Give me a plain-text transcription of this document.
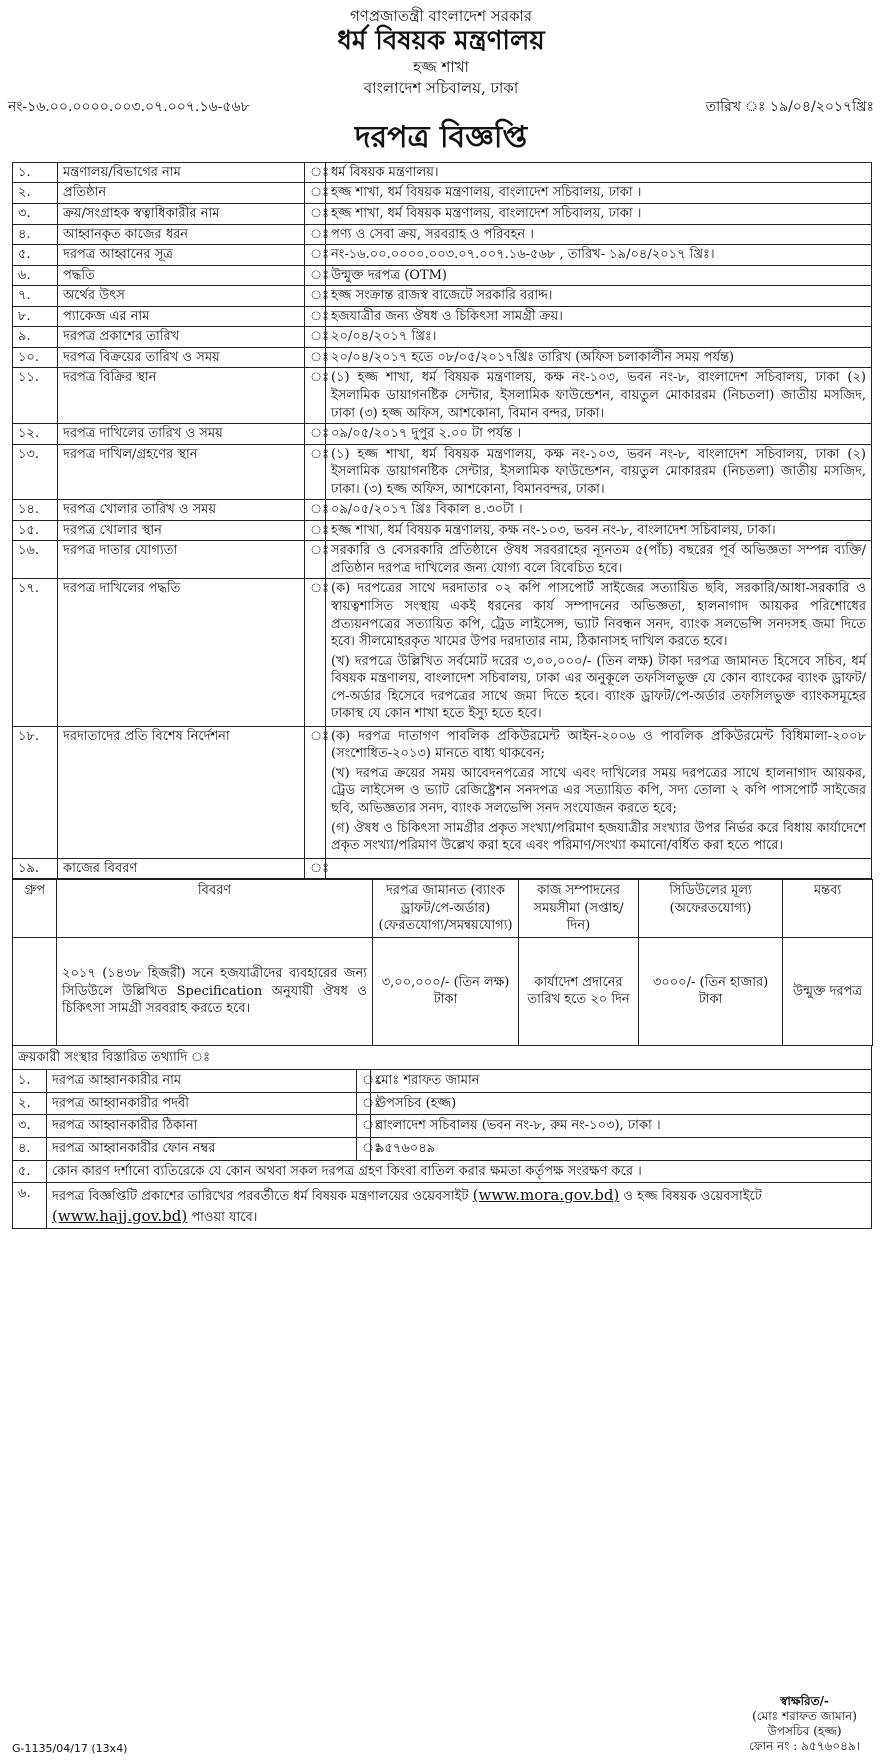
গণপ্রজাতন্ত্রী বাংলাদেশ সরকার
ধর্ম বিষয়ক মন্ত্রণালয়
হজ্জ শাখা
বাংলাদেশ সচিবালয়, ঢাকা
নং-১৬.০০.০০০০.০০৩.০৭.০০৭.১৬-৫৬৮	তারিখ ঃ ১৯/০৪/২০১৭খ্রিঃ
দরপত্র বিজ্ঞপ্তি
১.	মন্ত্রণালয়/বিভাগের নাম	ঃ	ধর্ম বিষয়ক মন্ত্রণালয়।
২.	প্রতিষ্ঠান	ঃ	হজ্জ শাখা, ধর্ম বিষয়ক মন্ত্রণালয়, বাংলাদেশ সচিবালয়, ঢাকা ।
৩.	ক্রয়/সংগ্রাহক স্বত্বাধিকারীর নাম	ঃ	হজ্জ শাখা, ধর্ম বিষয়ক মন্ত্রণালয়, বাংলাদেশ সচিবালয়, ঢাকা ।
৪.	আহ্বানকৃত কাজের ধরন	ঃ	পণ্য ও সেবা ক্রয়, সরবরাহ ও পরিবহন ।
৫.	দরপত্র আহ্বানের সূত্র	ঃ	নং-১৬.০০.০০০০.০০৩.০৭.০০৭.১৬-৫৬৮ , তারিখ- ১৯/০৪/২০১৭ খ্রিঃ।
৬.	পদ্ধতি	ঃ	উন্মুক্ত দরপত্র (OTM)
৭.	অর্থের উৎস	ঃ	হজ্জ সংক্রান্ত রাজস্ব বাজেটে সরকারি বরাদ্দ।
৮.	প্যাকেজ এর নাম	ঃ	হজযাত্রীর জন্য ঔষধ ও চিকিৎসা সামগ্রী ক্রয়।
৯.	দরপত্র প্রকাশের তারিখ	ঃ	২০/০৪/২০১৭ খ্রিঃ।
১০.	দরপত্র বিক্রয়ের তারিখ ও সময়	ঃ	২০/০৪/২০১৭ হতে ০৮/০৫/২০১৭খ্রিঃ তারিখ (অফিস চলাকালীন সময় পর্যন্ত)
১১.	দরপত্র বিক্রির স্থান	ঃ	(১) হজ্জ শাখা, ধর্ম বিষয়ক মন্ত্রণালয়, কক্ষ নং-১০৩, ভবন নং-৮, বাংলাদেশ সচিবালয়, ঢাকা (২) ইসলামিক ডায়াগনষ্টিক সেন্টার, ইসলামিক ফাউন্ডেশন, বায়তুল মোকাররম (নিচতলা) জাতীয় মসজিদ, ঢাকা (৩) হজ্জ অফিস, আশকোনা, বিমান বন্দর, ঢাকা।
১২.	দরপত্র দাখিলের তারিখ ও সময়	ঃ	০৯/০৫/২০১৭ দুপুর ২.০০ টা পর্যন্ত ।
১৩.	দরপত্র দাখিল/গ্রহণের স্থান	ঃ	(১) হজ্জ শাখা, ধর্ম বিষয়ক মন্ত্রণালয়, কক্ষ নং-১০৩, ভবন নং-৮, বাংলাদেশ সচিবালয়, ঢাকা (২) ইসলামিক ডায়াগনষ্টিক সেন্টার, ইসলামিক ফাউন্ডেশন, বায়তুল মোকাররম (নিচতলা) জাতীয় মসজিদ, ঢাকা। (৩) হজ্জ অফিস, আশকোনা, বিমানবন্দর, ঢাকা।
১৪.	দরপত্র খোলার তারিখ ও সময়	ঃ	০৯/০৫/২০১৭ খ্রিঃ বিকাল ৪.৩০টা ।
১৫.	দরপত্র খোলার স্থান	ঃ	হজ্জ শাখা, ধর্ম বিষয়ক মন্ত্রণালয়, কক্ষ নং-১০৩, ভবন নং-৮, বাংলাদেশ সচিবালয়, ঢাকা।
১৬.	দরপত্র দাতার যোগ্যতা	ঃ	সরকারি ও বেসরকারি প্রতিষ্ঠানে ঔষধ সরবরাহের ন্যূনতম ৫(পাঁচ) বছরের পূর্ব অভিজ্ঞতা সম্পন্ন ব্যক্তি/প্রতিষ্ঠান দরপত্র দাখিলের জন্য যোগ্য বলে বিবেচিত হবে।
১৭.	দরপত্র দাখিলের পদ্ধতি	ঃ	(ক) দরপত্রের সাথে দরদাতার ০২ কপি পাসপোর্ট সাইজের সত্যায়িত ছবি, সরকারি/আধা-সরকারি ও স্বায়ত্বশাসিত সংস্থায় একই ধরনের কার্য সম্পাদনের অভিজ্ঞতা, হালনাগাদ আয়কর পরিশোধের প্রত্যয়নপত্রের সত্যায়িত কপি, ট্রেড লাইসেন্স, ভ্যাট নিবন্ধন সনদ, ব্যাংক সলভেন্সি সনদসহ জমা দিতে হবে। সীলমোহরকৃত খামের উপর দরদাতার নাম, ঠিকানাসহ দাখিল করতে হবে।

(খ) দরপত্রে উল্লিখিত সর্বমোট দরের ৩,০০,০০০/- (তিন লক্ষ) টাকা দরপত্র জামানত হিসেবে সচিব, ধর্ম বিষয়ক মন্ত্রণালয়, বাংলাদেশ সচিবালয়, ঢাকা এর অনুকূলে তফসিলভুক্ত যে কোন ব্যাংকের ব্যাংক ড্রাফট/পে-অর্ডার হিসেবে দরপত্রের সাথে জমা দিতে হবে। ব্যাংক ড্রাফট/পে-অর্ডার তফসিলভুক্ত ব্যাংকসমূহের ঢাকাস্থ যে কোন শাখা হতে ইস্যু হতে হবে।

১৮.	দরদাতাদের প্রতি বিশেষ নির্দেশনা	ঃ	(ক) দরপত্র দাতাগণ পাবলিক প্রকিউরমেন্ট আইন-২০০৬ ও পাবলিক প্রকিউরমেন্ট বিধিমালা-২০০৮ (সংশোধিত-২০১৩) মানতে বাধ্য থাকবেন;

(খ) দরপত্র ক্রয়ের সময় আবেদনপত্রের সাথে এবং দাখিলের সময় দরপত্রের সাথে হালনাগাদ আয়কর, ট্রেড লাইসেন্স ও ভ্যাট রেজিষ্ট্রেশন সনদপত্র এর সত্যায়িত কপি, সদ্য তোলা ২ কপি পাসপোর্ট সাইজের ছবি, অভিজ্ঞতার সনদ, ব্যাংক সলভেন্সি সনদ সংযোজন করতে হবে;

(গ) ঔষধ ও চিকিৎসা সামগ্রীর প্রকৃত সংখ্যা/পরিমাণ হজযাত্রীর সংখ্যার উপর নির্ভর করে বিধায় কার্যাদেশে প্রকৃত সংখ্যা/পরিমাণ উল্লেখ করা হবে এবং পরিমাণ/সংখ্যা কমানো/বর্ধিত করা হতে পারে।

১৯.	কাজের বিবরণ	ঃ	
গ্রুপ	বিবরণ	দরপত্র জামানত (ব্যাংক ড্রাফট/পে-অর্ডার) (ফেরতযোগ্য/সমন্বয়যোগ্য)	কাজ সম্পাদনের সময়সীমা (সপ্তাহ/দিন)	সিডিউলের মূল্য (অফেরতযোগ্য)	মন্তব্য
	২০১৭ (১৪৩৮ হিজরী) সনে হজযাত্রীদের ব্যবহারের জন্য সিডিউলে উল্লিখিত Specification অনুযায়ী ঔষধ ও চিকিৎসা সামগ্রী সরবরাহ করতে হবে।	৩,০০,০০০/- (তিন লক্ষ) টাকা	কার্যাদেশ প্রদানের তারিখ হতে ২০ দিন	৩০০০/- (তিন হাজার) টাকা	উন্মুক্ত দরপত্র
ক্রয়কারী সংস্থার বিস্তারিত তথ্যাদি ঃ
১.	দরপত্র আহ্বানকারীর নাম	ঃ	মোঃ শরাফত জামান
২.	দরপত্র আহ্বানকারীর পদবী	ঃ	উপসচিব (হজ্জ)
৩.	দরপত্র আহ্বানকারীর ঠিকানা	ঃ	বাংলাদেশ সচিবালয় (ভবন নং-৮, রুম নং-১০৩), ঢাকা ।
৪.	দরপত্র আহ্বানকারীর ফোন নম্বর	ঃ	৯৫৭৬০৪৯
৫.	কোন কারণ দর্শানো ব্যতিরেকে যে কোন অথবা সকল দরপত্র গ্রহণ কিংবা বাতিল করার ক্ষমতা কর্তৃপক্ষ সংরক্ষণ করে ।		
৬.	দরপত্র বিজ্ঞপ্তিটি প্রকাশের তারিখের পরবর্তীতে ধর্ম বিষয়ক মন্ত্রণালয়ের ওয়েবসাইট (www.mora.gov.bd) ও হজ্জ বিষয়ক ওয়েবসাইটে (www.hajj.gov.bd) পাওয়া যাবে।		
স্বাক্ষরিত/-
(মোঃ শরাফত জামান)
উপসচিব (হজ্জ)
ফোন নং : ৯৫৭৬০৪৯।
G-1135/04/17 (13x4)
